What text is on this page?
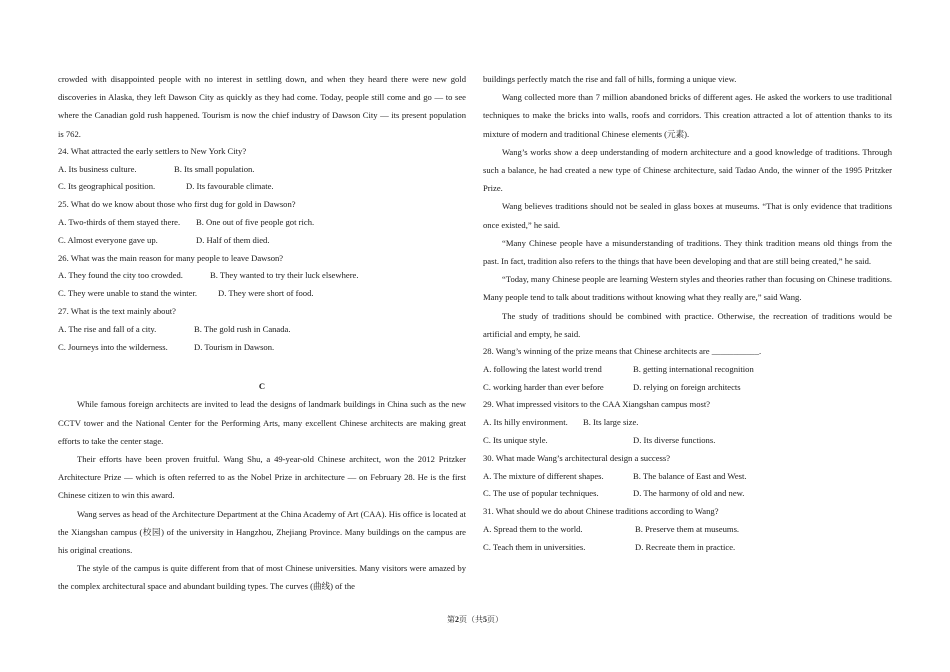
crowded with disappointed people with no interest in settling down, and when they heard there were new gold discoveries in Alaska, they left Dawson City as quickly as they had come. Today, people still come and go — to see where the Canadian gold rush happened. Tourism is now the chief industry of Dawson City — its present population is 762.

24. What attracted the early settlers to New York City?

A. Its business culture.	B. Its small population.

C. Its geographical position.	D. Its favourable climate.

25. What do we know about those who first dug for gold in Dawson?

A. Two-thirds of them stayed there. B. One out of five people got rich.

C. Almost everyone gave up.	D. Half of them died.

26. What was the main reason for many people to leave Dawson?

A. They found the city too crowded.	B. They wanted to try their luck elsewhere.

C. They were unable to stand the winter. D. They were short of food.

27. What is the text mainly about?

A. The rise and fall of a city.	B. The gold rush in Canada.

C. Journeys into the wilderness.	D. Tourism in Dawson.

C

While famous foreign architects are invited to lead the designs of landmark buildings in China such as the new CCTV tower and the National Center for the Performing Arts, many excellent Chinese architects are making great efforts to take the center stage.

Their efforts have been proven fruitful. Wang Shu, a 49-year-old Chinese architect, won the 2012 Pritzker Architecture Prize — which is often referred to as the Nobel Prize in architecture — on February 28. He is the first Chinese citizen to win this award.

Wang serves as head of the Architecture Department at the China Academy of Art (CAA). His office is located at the Xiangshan campus (校园) of the university in Hangzhou, Zhejiang Province. Many buildings on the campus are his original creations.

The style of the campus is quite different from that of most Chinese universities. Many visitors were amazed by the complex architectural space and abundant building types. The curves (曲线) of the

buildings perfectly match the rise and fall of hills, forming a unique view.

Wang collected more than 7 million abandoned bricks of different ages. He asked the workers to use traditional techniques to make the bricks into walls, roofs and corridors. This creation attracted a lot of attention thanks to its mixture of modern and traditional Chinese elements (元素).

Wang’s works show a deep understanding of modern architecture and a good knowledge of traditions. Through such a balance, he had created a new type of Chinese architecture, said Tadao Ando, the winner of the 1995 Pritzker Prize.

Wang believes traditions should not be sealed in glass boxes at museums. “That is only evidence that traditions once existed,” he said.

“Many Chinese people have a misunderstanding of traditions. They think tradition means old things from the past. In fact, tradition also refers to the things that have been developing and that are still being created,” he said.

“Today, many Chinese people are learning Western styles and theories rather than focusing on Chinese traditions. Many people tend to talk about traditions without knowing what they really are,” said Wang.

The study of traditions should be combined with practice. Otherwise, the recreation of traditions would be artificial and empty, he said.

28. Wang’s winning of the prize means that Chinese architects are ___________.

A. following the latest world trend	B. getting international recognition

C. working harder than ever before	D. relying on foreign architects

29. What impressed visitors to the CAA Xiangshan campus most?

A. Its hilly environment. B. Its large size.

C. Its unique style.	D. Its diverse functions.

30. What made Wang’s architectural design a success?

A. The mixture of different shapes.	B. The balance of East and West.

C. The use of popular techniques.	D. The harmony of old and new.

31. What should we do about Chinese traditions according to Wang?

A. Spread them to the world.	B. Preserve them at museums.

C. Teach them in universities.	D. Recreate them in practice.

第2页（共5页）
